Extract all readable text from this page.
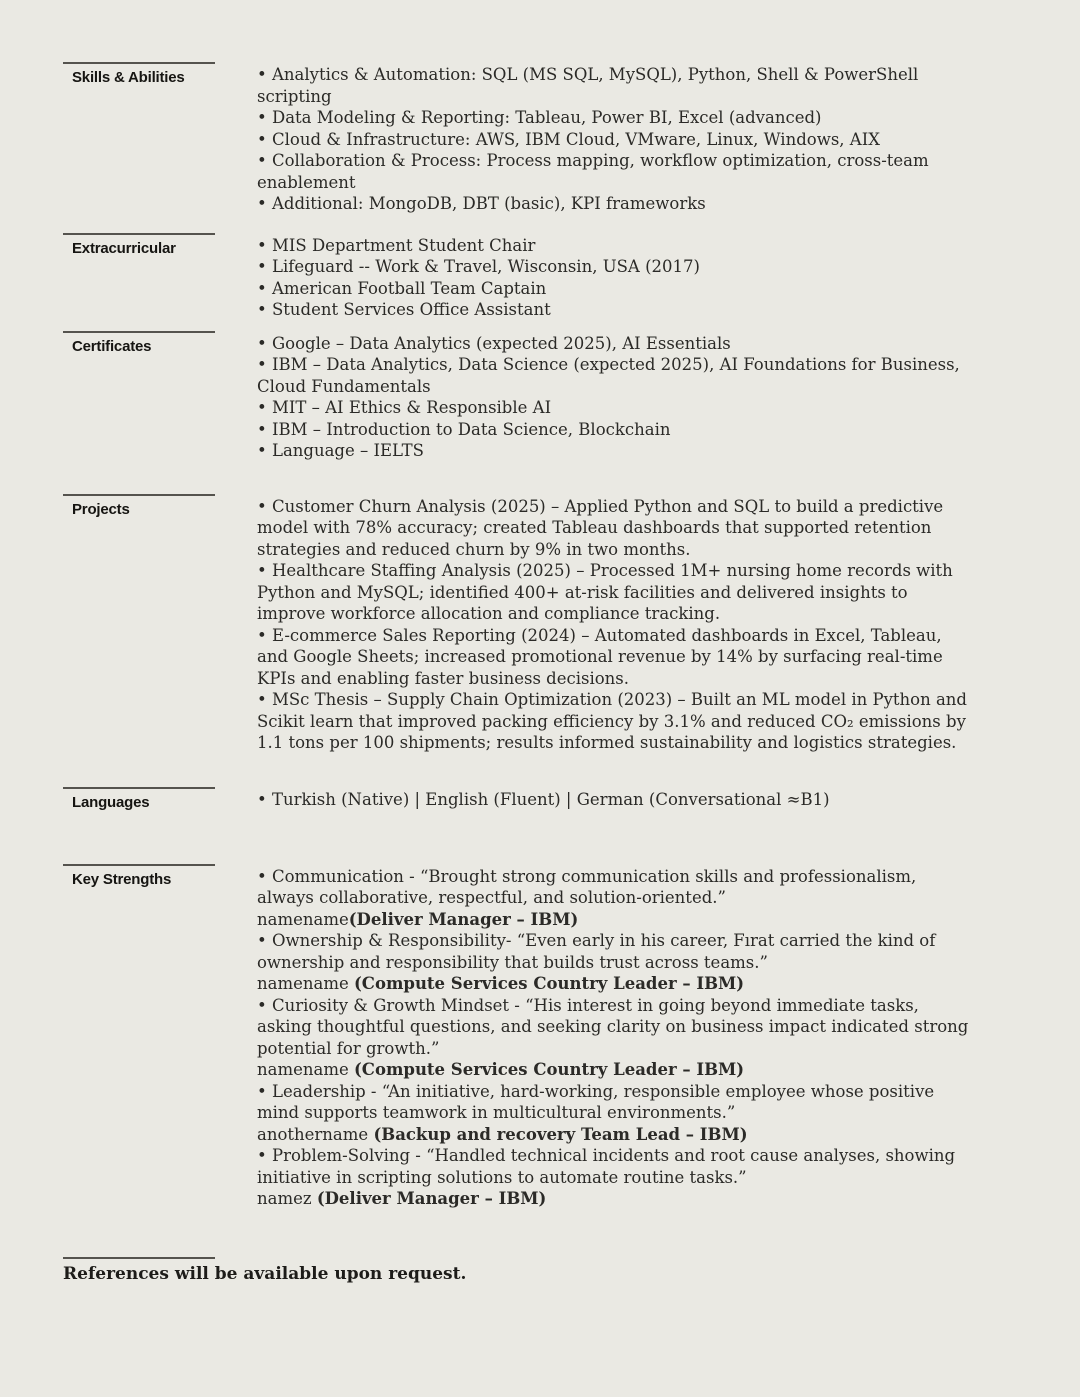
Skills & Abilities	• Analytics & Automation: SQL (MS SQL, MySQL), Python, Shell & PowerShell scripting

• Data Modeling & Reporting: Tableau, Power BI, Excel (advanced)

• Cloud & Infrastructure: AWS, IBM Cloud, VMware, Linux, Windows, AIX

• Collaboration & Process: Process mapping, workflow optimization, cross-team enablement

• Additional: MongoDB, DBT (basic), KPI frameworks

Extracurricular	• MIS Department Student Chair

• Lifeguard -- Work & Travel, Wisconsin, USA (2017)

• American Football Team Captain

• Student Services Office Assistant

Certificates	• Google – Data Analytics (expected 2025), AI Essentials

• IBM – Data Analytics, Data Science (expected 2025), AI Foundations for Business, Cloud Fundamentals

• MIT – AI Ethics & Responsible AI

• IBM – Introduction to Data Science, Blockchain

• Language – IELTS

Projects	• Customer Churn Analysis (2025) – Applied Python and SQL to build a predictive model with 78% accuracy; created Tableau dashboards that supported retention strategies and reduced churn by 9% in two months.

• Healthcare Staffing Analysis (2025) – Processed 1M+ nursing home records with Python and MySQL; identified 400+ at-risk facilities and delivered insights to improve workforce allocation and compliance tracking.

• E-commerce Sales Reporting (2024) – Automated dashboards in Excel, Tableau, and Google Sheets; increased promotional revenue by 14% by surfacing real-time KPIs and enabling faster business decisions.

• MSc Thesis – Supply Chain Optimization (2023) – Built an ML model in Python and Scikit learn that improved packing efficiency by 3.1% and reduced CO₂ emissions by 1.1 tons per 100 shipments; results informed sustainability and logistics strategies.

Languages	• Turkish (Native) | English (Fluent) | German (Conversational ≈B1)

Key Strengths	• Communication - “Brought strong communication skills and professionalism, always collaborative, respectful, and solution-oriented.”

namename(Deliver Manager – IBM)

• Ownership & Responsibility- “Even early in his career, Fırat carried the kind of ownership and responsibility that builds trust across teams.”

namename (Compute Services Country Leader – IBM)

• Curiosity & Growth Mindset - “His interest in going beyond immediate tasks, asking thoughtful questions, and seeking clarity on business impact indicated strong potential for growth.”

namename (Compute Services Country Leader – IBM)

• Leadership - “An initiative, hard-working, responsible employee whose positive mind supports teamwork in multicultural environments.”

anothername (Backup and recovery Team Lead – IBM)

• Problem-Solving - “Handled technical incidents and root cause analyses, showing initiative in scripting solutions to automate routine tasks.”

namez (Deliver Manager – IBM)

References will be available upon request.
